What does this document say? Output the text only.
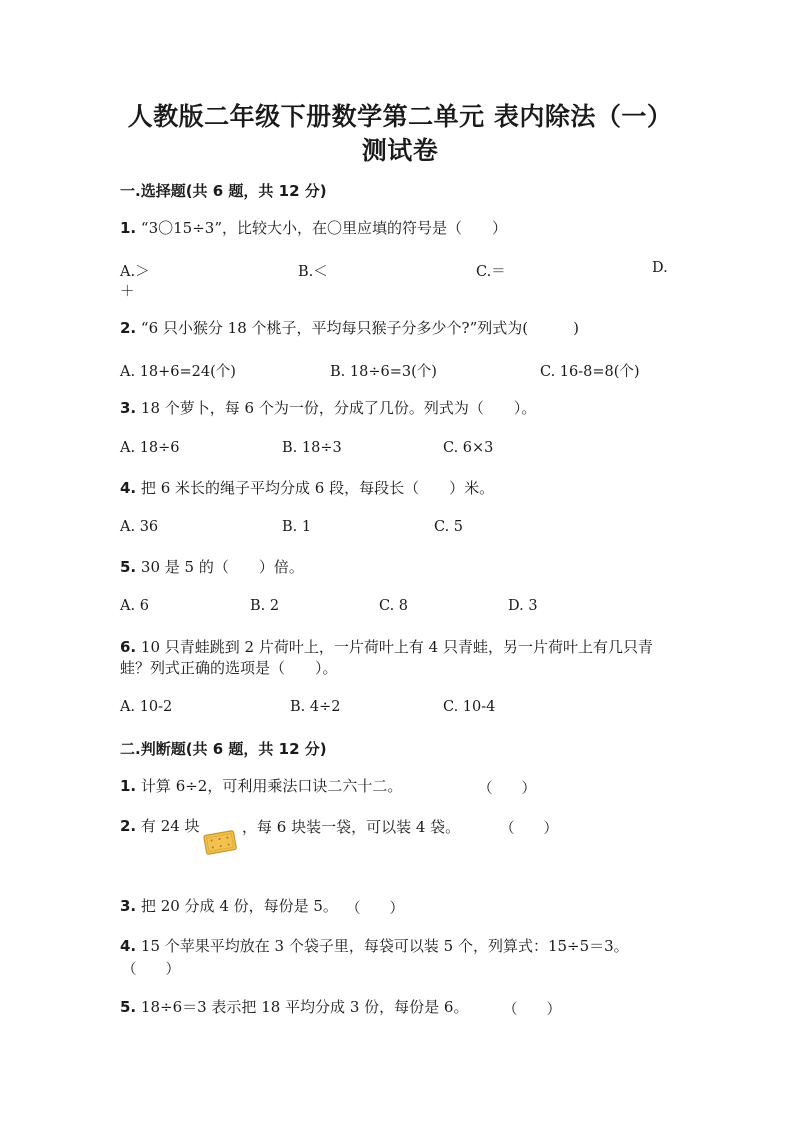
人教版二年级下册数学第二单元 表内除法（一）
测试卷
一.选择题(共 6 题，共 12 分)
1. “3〇15÷3”，比较大小，在〇里应填的符号是（　　）
A.＞	B.＜	C.＝	D.
＋
2. “6 只小猴分 18 个桃子，平均每只猴子分多少个?”列式为(　　　)
A. 18+6=24(个)	B. 18÷6=3(个)	C. 16-8=8(个)
3. 18 个萝卜，每 6 个为一份，分成了几份。列式为（　　）。
A. 18÷6	B. 18÷3	C. 6×3
4. 把 6 米长的绳子平均分成 6 段，每段长（　　）米。
A. 36	B. 1	C. 5
5. 30 是 5 的（　　）倍。
A. 6	B. 2	C. 8	D. 3
6. 10 只青蛙跳到 2 片荷叶上，一片荷叶上有 4 只青蛙，另一片荷叶上有几只青
蛙？列式正确的选项是（　　）。
A. 10-2	B. 4÷2	C. 10-4
二.判断题(共 6 题，共 12 分)
1. 计算 6÷2，可利用乘法口诀二六十二。	（　　）
2. 有 24 块	，每 6 块装一袋，可以装 4 袋。	（　　）
3. 把 20 分成 4 份，每份是 5。 （　　）
4. 15 个苹果平均放在 3 个袋子里，每袋可以装 5 个，列算式：15÷5＝3。
（　　）
5. 18÷6＝3 表示把 18 平均分成 3 份，每份是 6。	（　　）
